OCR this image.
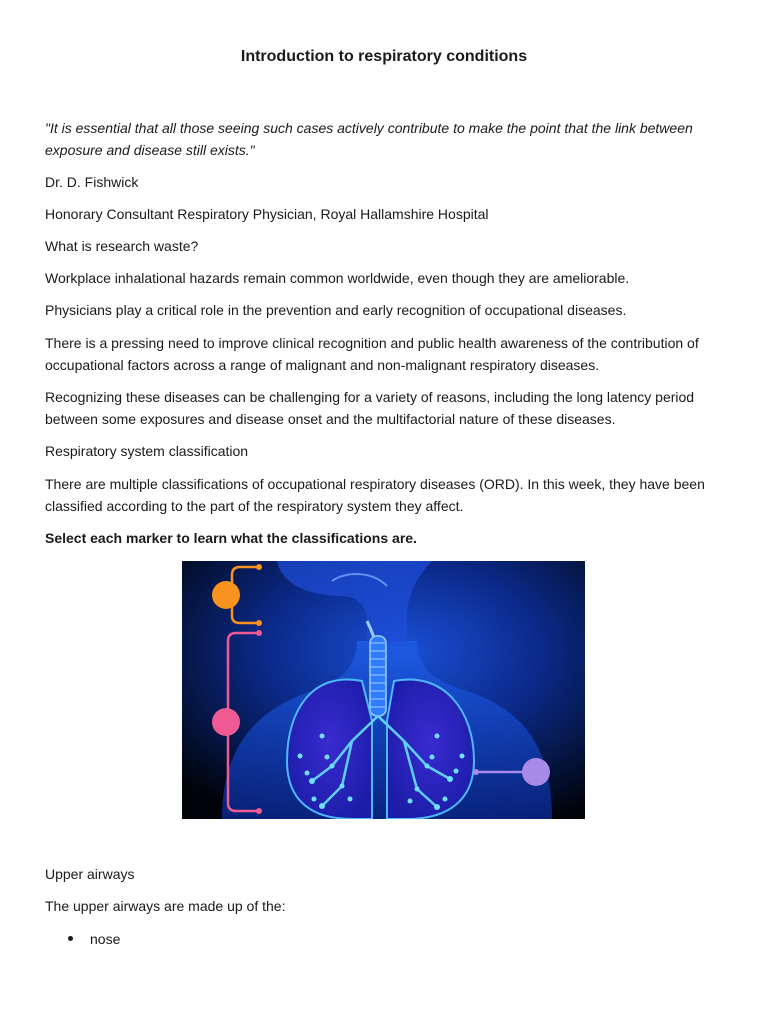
Introduction to respiratory conditions

"It is essential that all those seeing such cases actively contribute to make the point that the link between exposure and disease still exists."

Dr. D. Fishwick

Honorary Consultant Respiratory Physician, Royal Hallamshire Hospital

What is research waste?

Workplace inhalational hazards remain common worldwide, even though they are ameliorable.

Physicians play a critical role in the prevention and early recognition of occupational diseases.

There is a pressing need to improve clinical recognition and public health awareness of the contribution of occupational factors across a range of malignant and non-malignant respiratory diseases.

Recognizing these diseases can be challenging for a variety of reasons, including the long latency period between some exposures and disease onset and the multifactorial nature of these diseases.

Respiratory system classification

There are multiple classifications of occupational respiratory diseases (ORD). In this week, they have been classified according to the part of the respiratory system they affect.

Select each marker to learn what the classifications are.

Upper airways

The upper airways are made up of the:

nose
